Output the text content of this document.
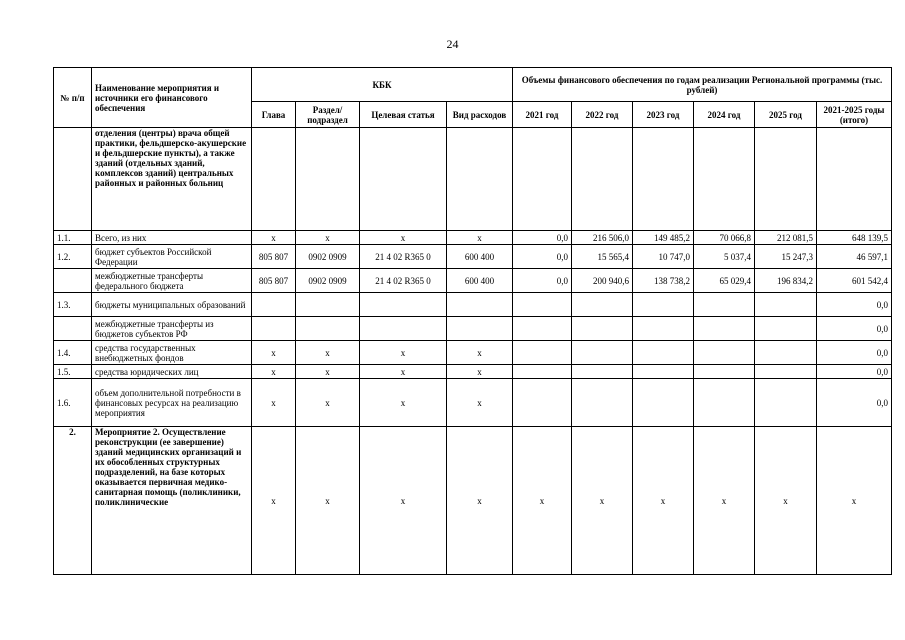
24
№ п/п	Наименование мероприятия и источники его финансового обеспечения	КБК				Объемы финансового обеспечения по годам реализации Региональной программы (тыс. рублей)					
		Глава	Раздел/ подраздел	Целевая статья	Вид расходов	2021 год	2022 год	2023 год	2024 год	2025 год	2021-2025 годы (итого)
	отделения (центры) врача общей практики, фельдшерско-акушерские и фельдшерские пункты), а также зданий (отдельных зданий, комплексов зданий) центральных районных и районных больниц										
1.1.	Всего, из них	х	х	х	х	0,0	216 506,0	149 485,2	70 066,8	212 081,5	648 139,5
1.2.	бюджет субъектов Российской Федерации	805 807	0902 0909	21 4 02 R365 0	600 400	0,0	15 565,4	10 747,0	5 037,4	15 247,3	46 597,1
	межбюджетные трансферты федерального бюджета	805 807	0902 0909	21 4 02 R365 0	600 400	0,0	200 940,6	138 738,2	65 029,4	196 834,2	601 542,4
1.3.	бюджеты муниципальных образований										0,0
	межбюджетные трансферты из бюджетов субъектов РФ										0,0
1.4.	средства государственных внебюджетных фондов	х	х	х	х						0,0
1.5.	средства юридических лиц	х	х	х	х						0,0
1.6.	объем дополнительной потребности в финансовых ресурсах на реализацию мероприятия	х	х	х	х						0,0
2.	Мероприятие 2. Осуществление реконструкции (ее завершение) зданий медицинских организаций и их обособленных структурных подразделений, на базе которых оказывается первичная медико-санитарная помощь (поликлиники, поликлинические	х	х	х	х	х	х	х	х	х	х
